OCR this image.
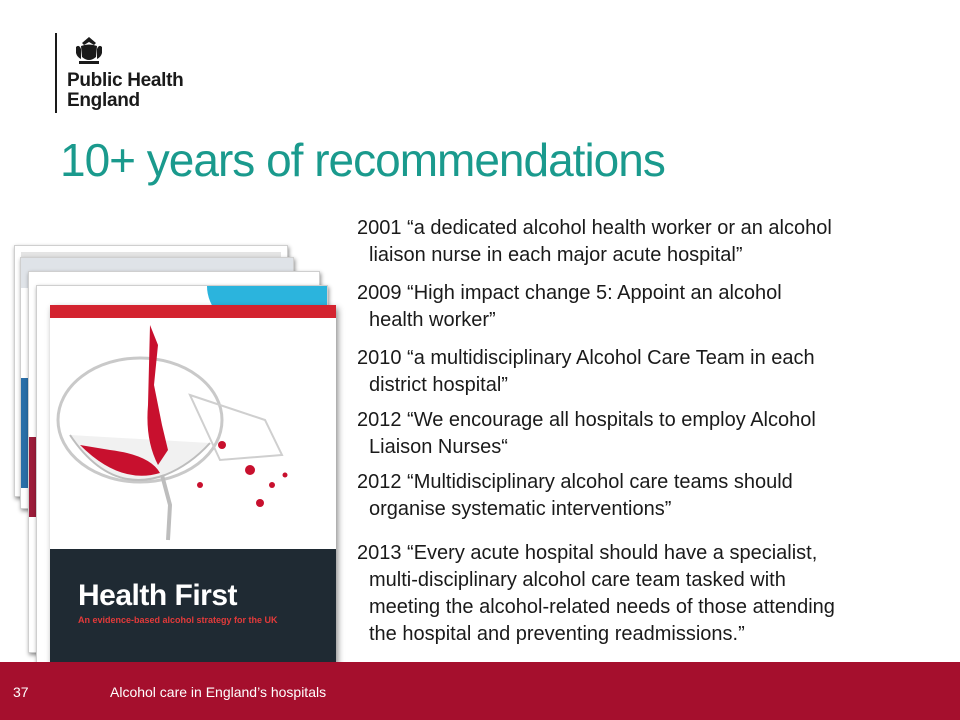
Public Health
England
10+ years of recommendations
Health First
An evidence-based alcohol strategy for the UK
2001 “a dedicated alcohol health worker or an alcohol
liaison nurse in each major acute hospital”
2009 “High impact change 5: Appoint an alcohol
health worker”
2010 “a multidisciplinary Alcohol Care Team in each
district hospital”
2012 “We encourage all hospitals to employ Alcohol
Liaison Nurses“
2012 “Multidisciplinary alcohol care teams should
organise systematic interventions”
2013 “Every acute hospital should have a specialist,
multi-disciplinary alcohol care team tasked with
meeting the alcohol-related needs of those attending
the hospital and preventing readmissions.”
37	Alcohol care in England’s hospitals
